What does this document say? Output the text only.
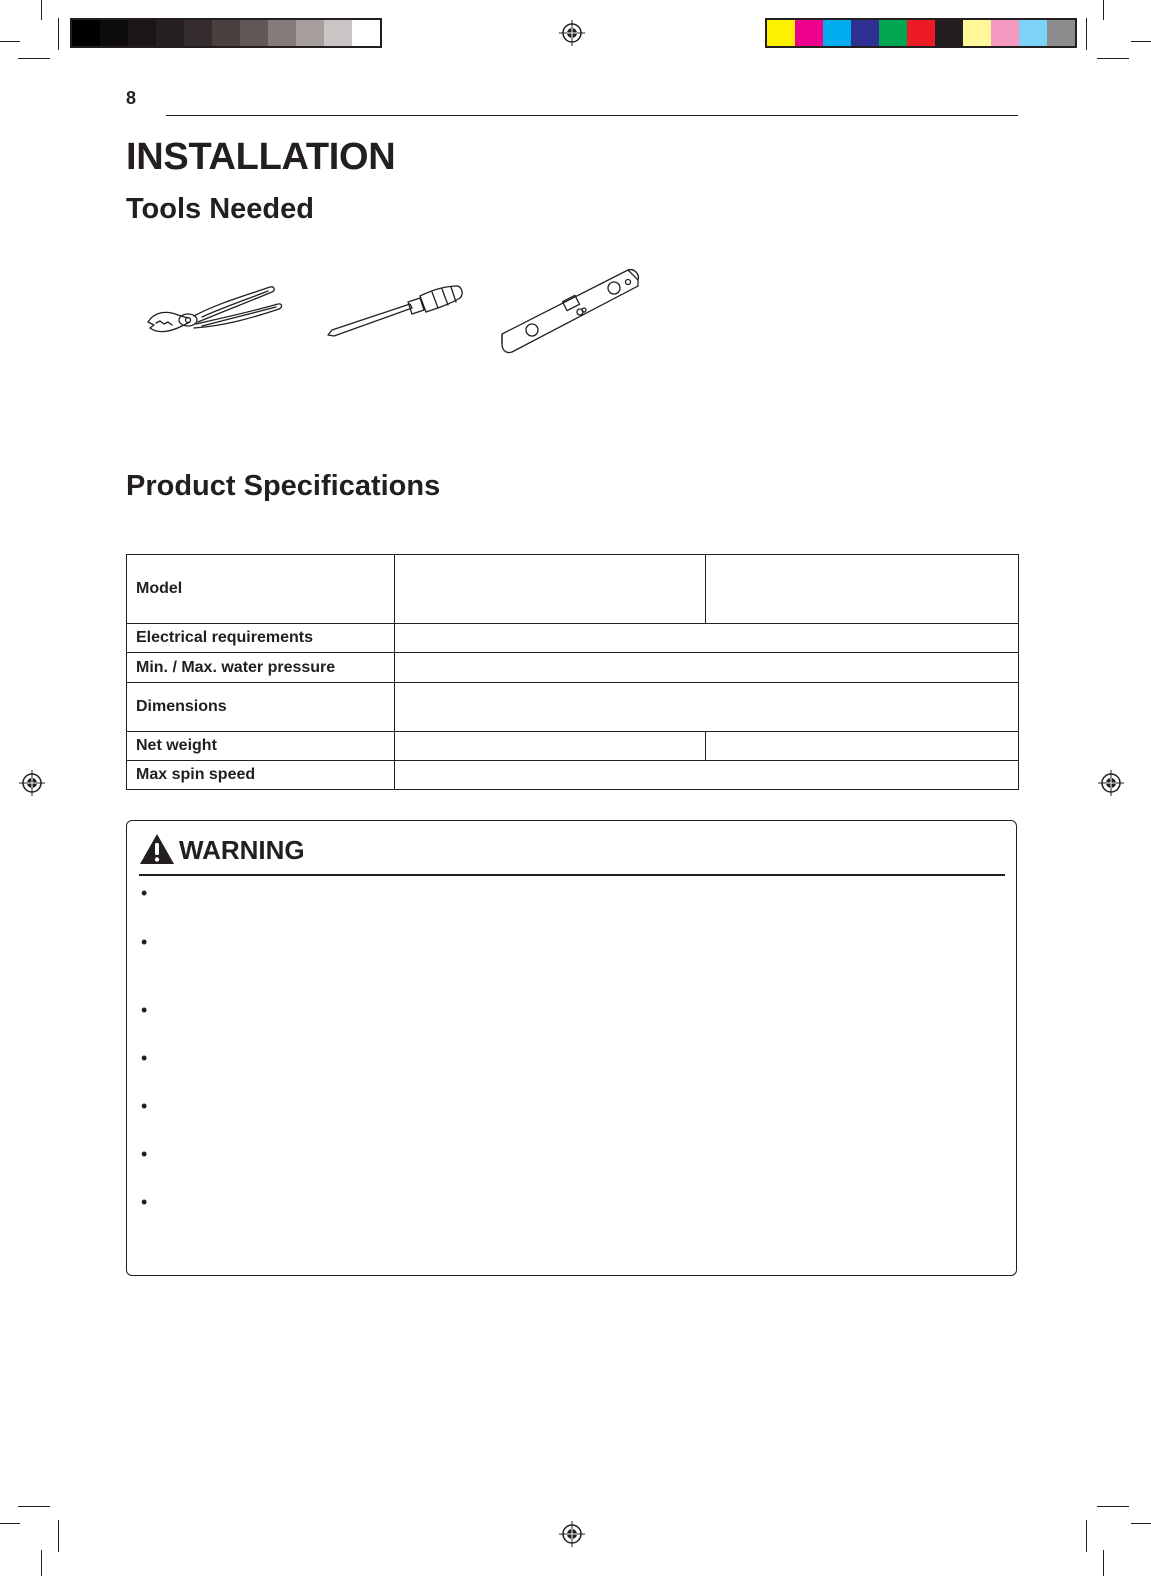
8
INSTALLATION
Tools Needed
Product Specifications
Model		
Electrical requirements		
Min. / Max. water pressure		
Dimensions		
Net weight		
Max spin speed		
WARNING
•
•
•
•
•
•
•
